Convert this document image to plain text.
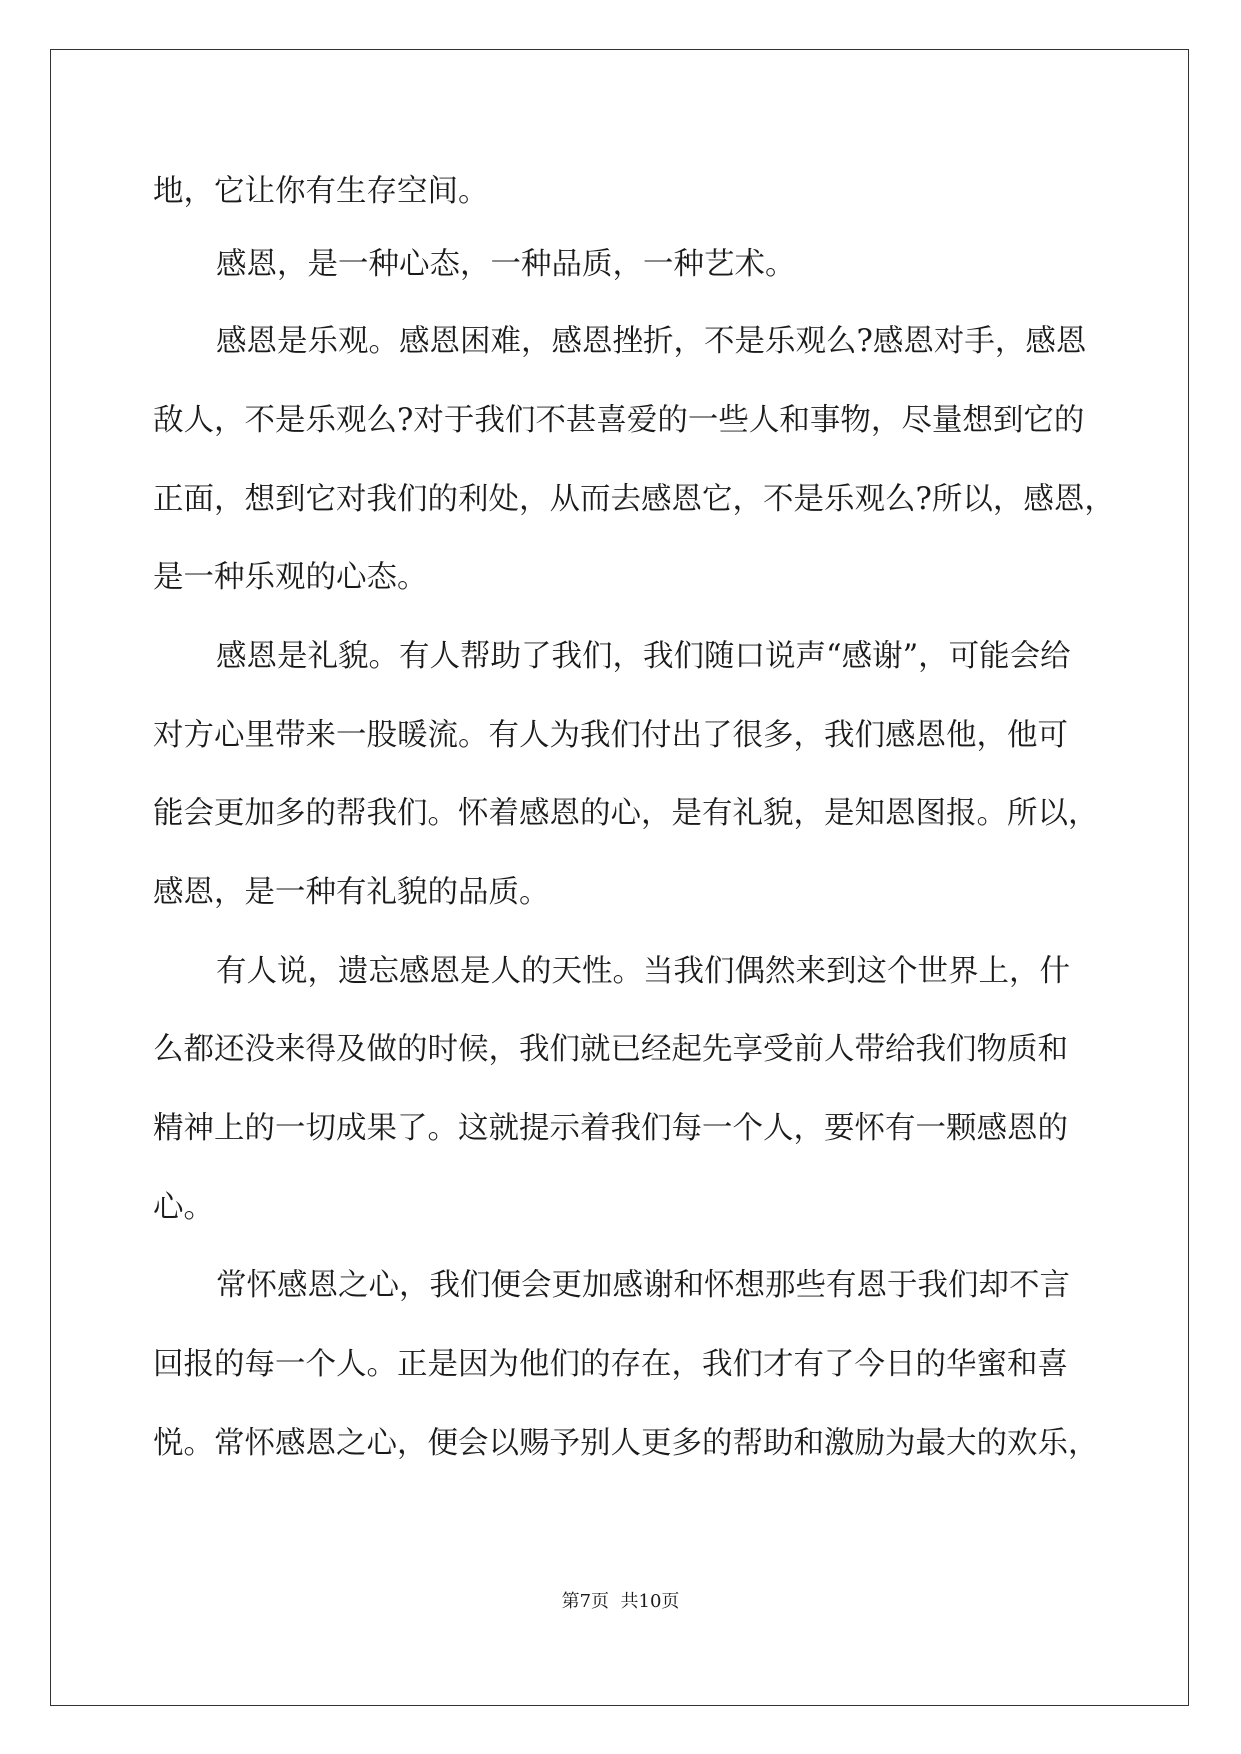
地，它让你有生存空间。
感恩，是一种心态，一种品质，一种艺术。
感恩是乐观。感恩困难，感恩挫折，不是乐观么?感恩对手，感恩
敌人，不是乐观么?对于我们不甚喜爱的一些人和事物，尽量想到它的
正面，想到它对我们的利处，从而去感恩它，不是乐观么?所以，感恩，
是一种乐观的心态。
感恩是礼貌。有人帮助了我们，我们随口说声“感谢”，可能会给
对方心里带来一股暖流。有人为我们付出了很多，我们感恩他，他可
能会更加多的帮我们。怀着感恩的心，是有礼貌，是知恩图报。所以，
感恩，是一种有礼貌的品质。
有人说，遗忘感恩是人的天性。当我们偶然来到这个世界上，什
么都还没来得及做的时候，我们就已经起先享受前人带给我们物质和
精神上的一切成果了。这就提示着我们每一个人，要怀有一颗感恩的
心。
常怀感恩之心，我们便会更加感谢和怀想那些有恩于我们却不言
回报的每一个人。正是因为他们的存在，我们才有了今日的华蜜和喜
悦。常怀感恩之心，便会以赐予别人更多的帮助和激励为最大的欢乐，
第7页  共10页
